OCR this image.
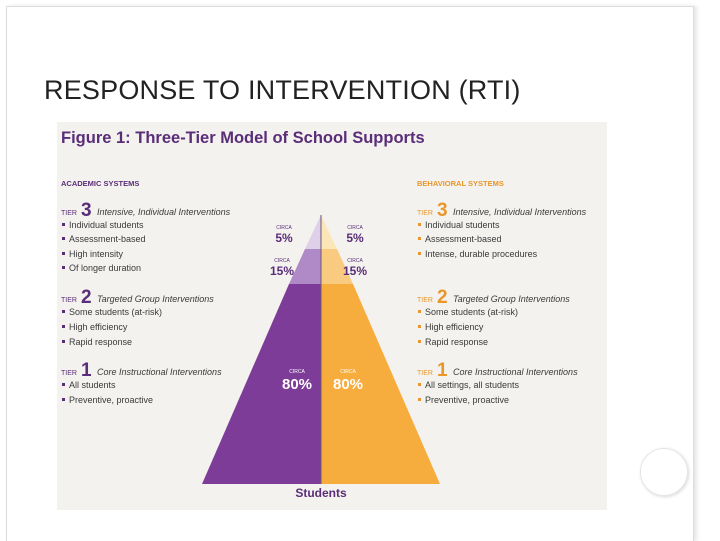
RESPONSE TO INTERVENTION (RTI)
Figure 1: Three-Tier Model of School Supports
CIRCA
5%
CIRCA
5%
CIRCA
15%
CIRCA
15%
CIRCA
80%
CIRCA
80%
Students
ACADEMIC SYSTEMS
TIER 3 Intensive, Individual Interventions
Individual students
Assessment-based
High intensity
Of longer duration
TIER 2 Targeted Group Interventions
Some students (at-risk)
High efficiency
Rapid response
TIER 1 Core Instructional Interventions
All students
Preventive, proactive
BEHAVIORAL SYSTEMS
TIER 3 Intensive, Individual Interventions
Individual students
Assessment-based
Intense, durable procedures
TIER 2 Targeted Group Interventions
Some students (at-risk)
High efficiency
Rapid response
TIER 1 Core Instructional Interventions
All settings, all students
Preventive, proactive
